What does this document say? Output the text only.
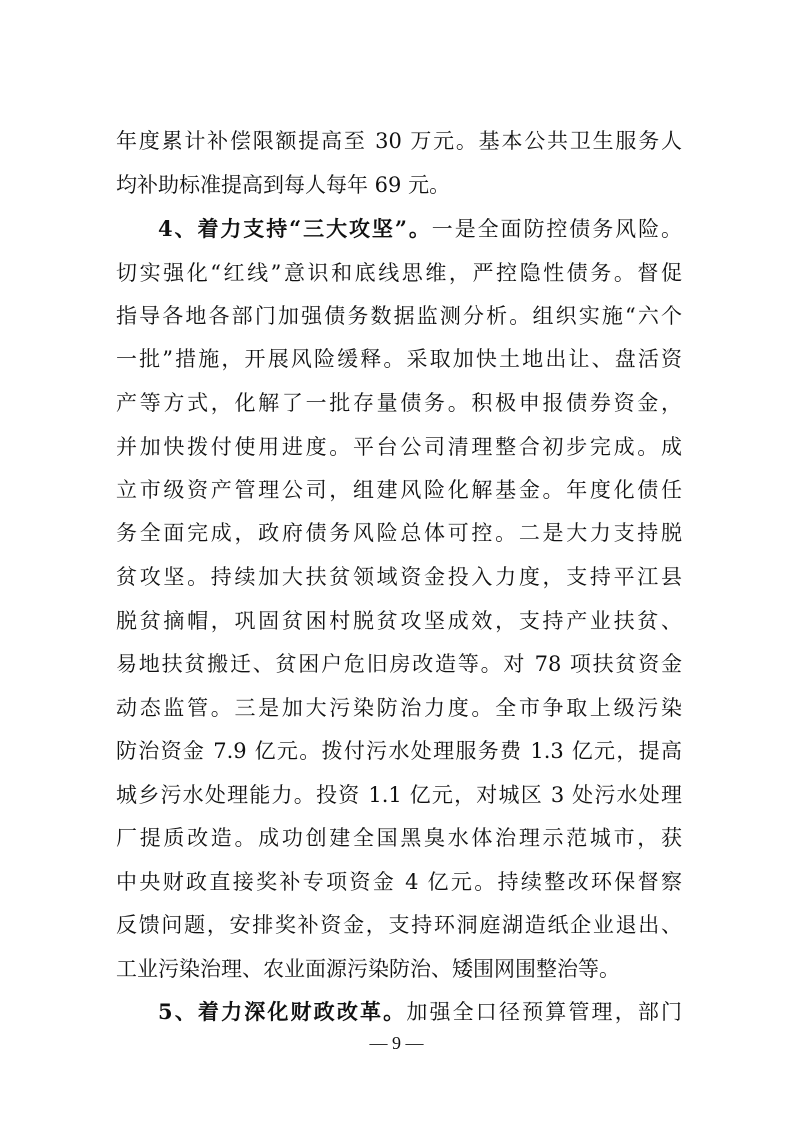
年度累计补偿限额提高至 30 万元。基本公共卫生服务人
均补助标准提高到每人每年 69 元。
4、着力支持“三大攻坚”。一是全面防控债务风险。
切实强化“红线”意识和底线思维，严控隐性债务。督促
指导各地各部门加强债务数据监测分析。组织实施“六个
一批”措施，开展风险缓释。采取加快土地出让、盘活资
产等方式，化解了一批存量债务。积极申报债券资金，
并加快拨付使用进度。平台公司清理整合初步完成。成
立市级资产管理公司，组建风险化解基金。年度化债任
务全面完成，政府债务风险总体可控。二是大力支持脱
贫攻坚。持续加大扶贫领域资金投入力度，支持平江县
脱贫摘帽，巩固贫困村脱贫攻坚成效，支持产业扶贫、
易地扶贫搬迁、贫困户危旧房改造等。对 78 项扶贫资金
动态监管。三是加大污染防治力度。全市争取上级污染
防治资金 7.9 亿元。拨付污水处理服务费 1.3 亿元，提高
城乡污水处理能力。投资 1.1 亿元，对城区 3 处污水处理
厂提质改造。成功创建全国黑臭水体治理示范城市，获
中央财政直接奖补专项资金 4 亿元。持续整改环保督察
反馈问题，安排奖补资金，支持环洞庭湖造纸企业退出、
工业污染治理、农业面源污染防治、矮围网围整治等。
5、着力深化财政改革。加强全口径预算管理，部门
— 9 —
